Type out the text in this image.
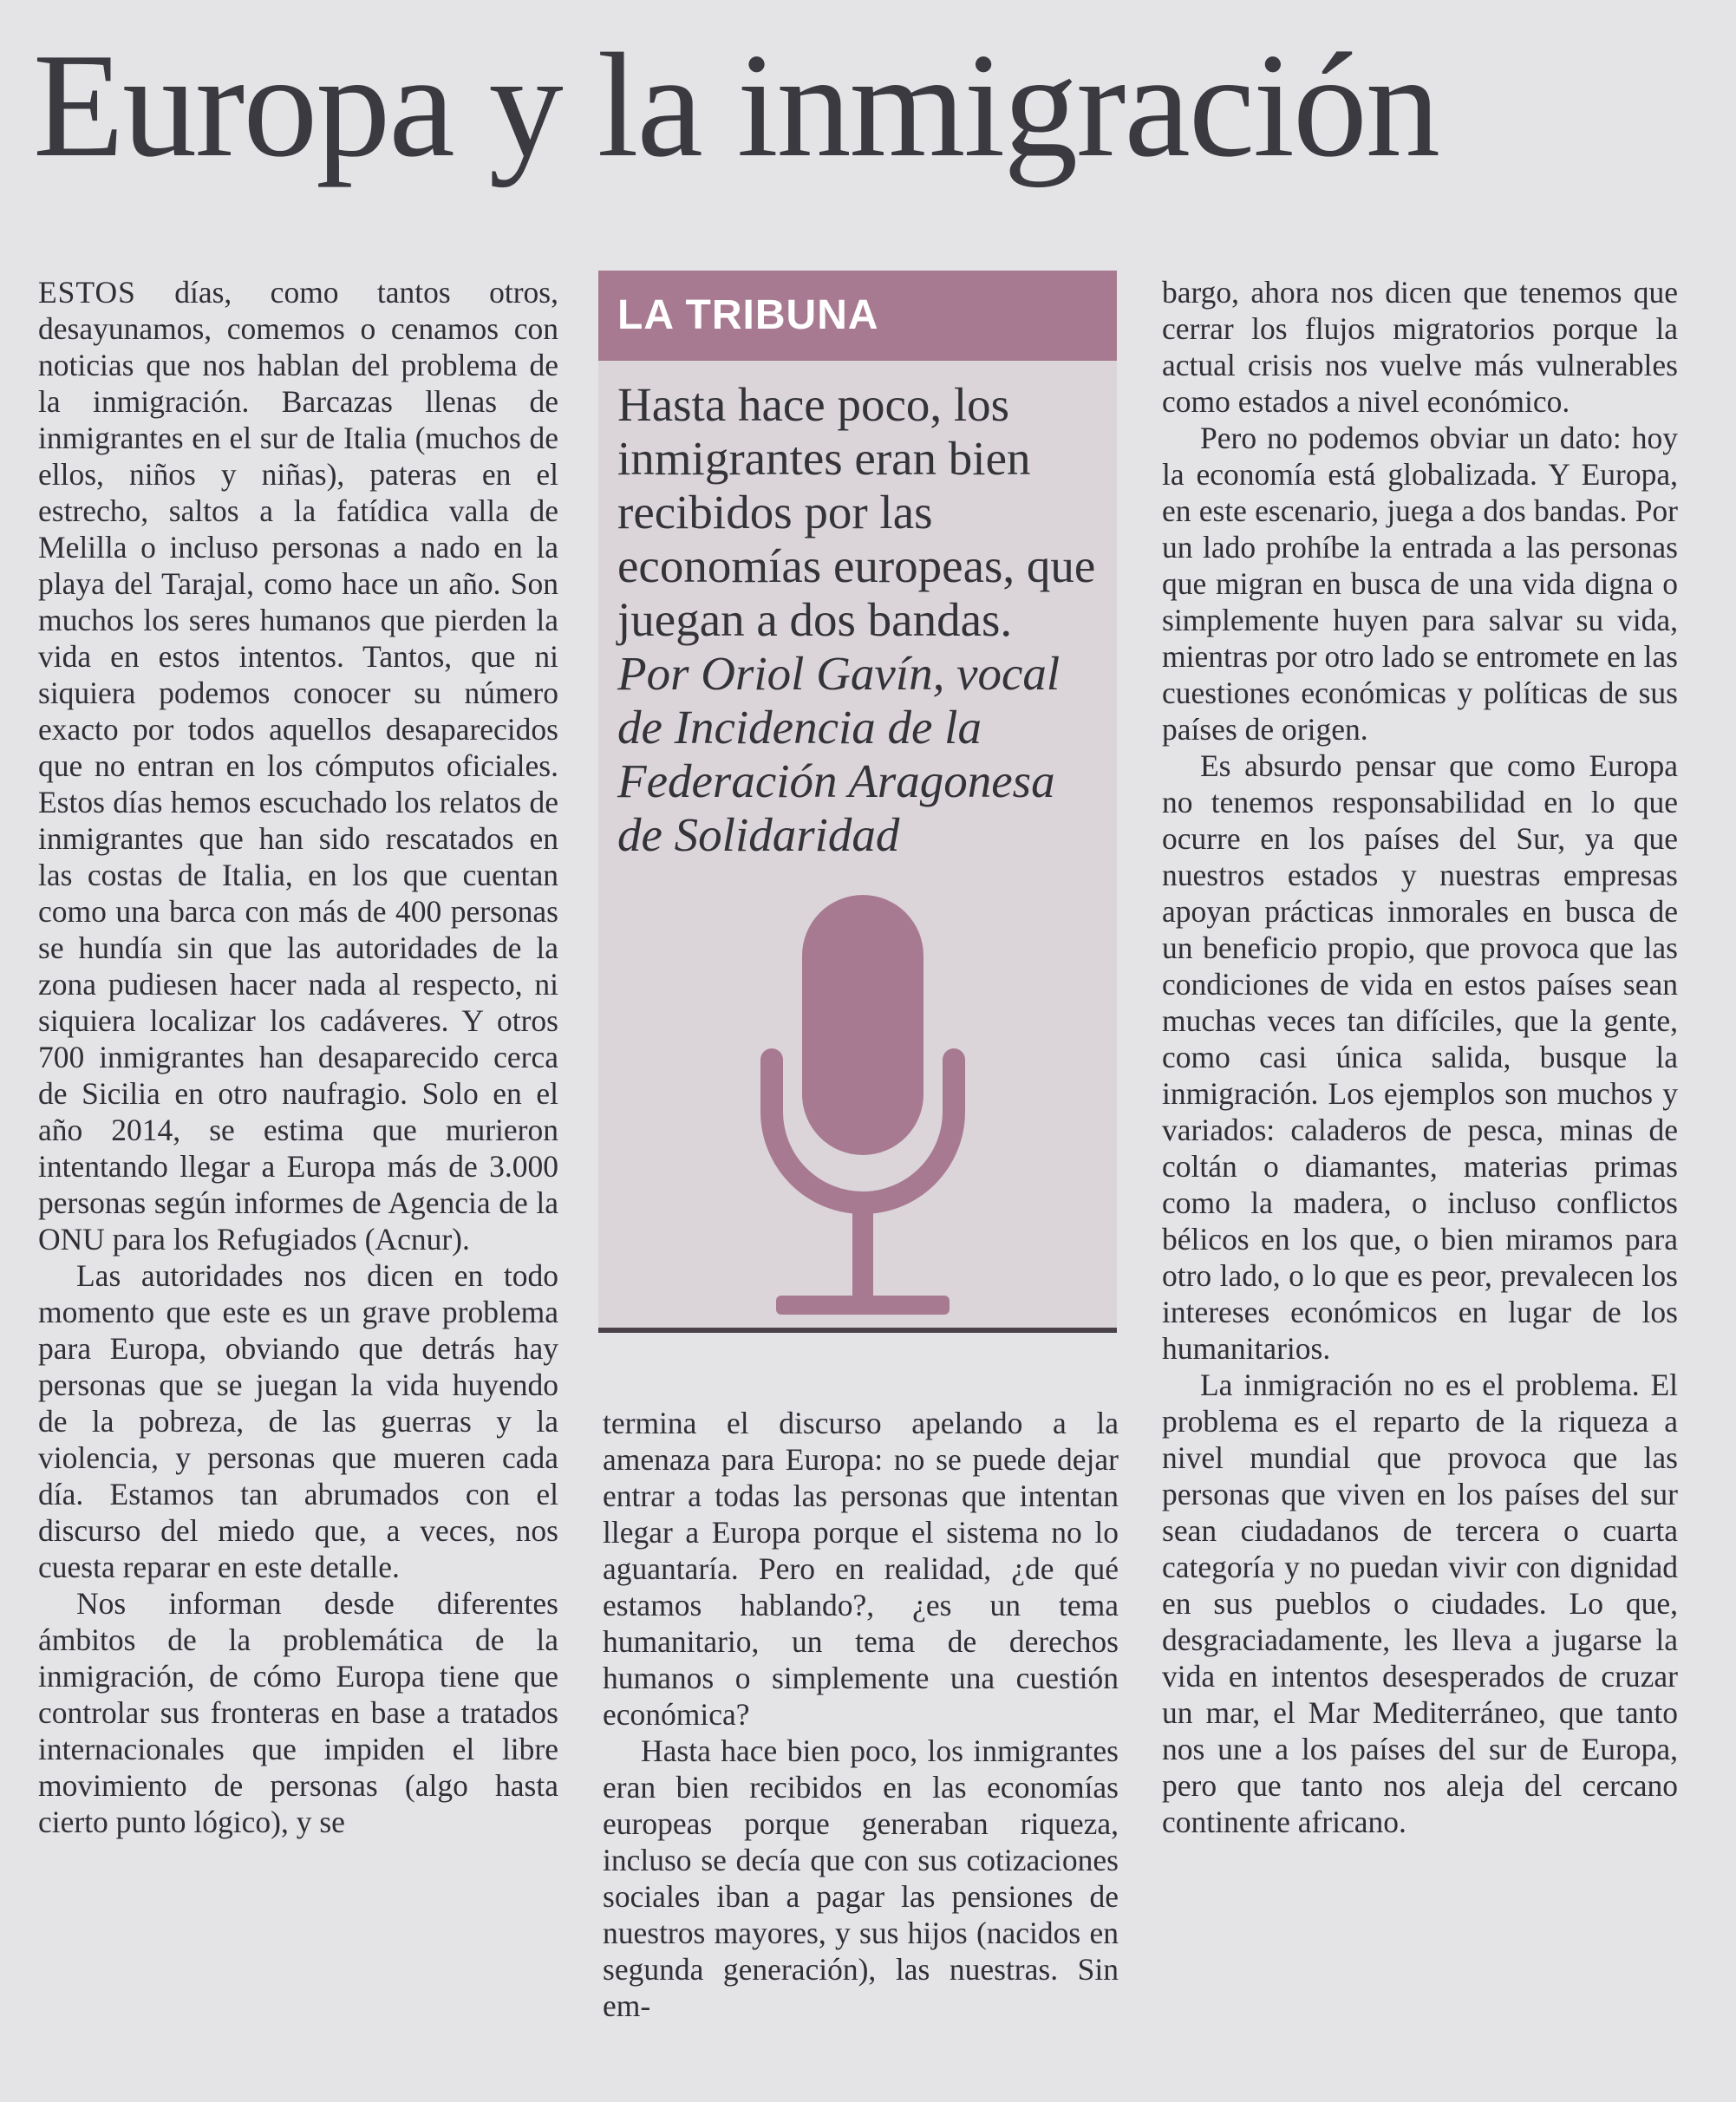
Europa y la inmigración

ESTOS días, como tantos otros, desayunamos, comemos o cenamos con noticias que nos hablan del problema de la inmigración. Barcazas llenas de inmigrantes en el sur de Italia (muchos de ellos, niños y niñas), pateras en el estrecho, saltos a la fatídica valla de Melilla o incluso personas a nado en la playa del Tarajal, como hace un año. Son muchos los seres humanos que pierden la vida en estos intentos. Tantos, que ni siquiera podemos conocer su número exacto por todos aquellos desaparecidos que no entran en los cómputos oficiales. Estos días hemos escuchado los relatos de inmigrantes que han sido rescatados en las costas de Italia, en los que cuentan como una barca con más de 400 personas se hundía sin que las autoridades de la zona pudiesen hacer nada al respecto, ni siquiera localizar los cadáveres. Y otros 700 inmigrantes han desaparecido cerca de Sicilia en otro naufragio. Solo en el año 2014, se estima que murieron intentando llegar a Europa más de 3.000 personas según informes de Agencia de la ONU para los Refugiados (Acnur).

Las autoridades nos dicen en todo momento que este es un grave problema para Europa, obviando que detrás hay personas que se juegan la vida huyendo de la pobreza, de las guerras y la violencia, y personas que mueren cada día. Estamos tan abrumados con el discurso del miedo que, a veces, nos cuesta reparar en este detalle.

Nos informan desde diferentes ámbitos de la problemática de la inmigración, de cómo Europa tiene que controlar sus fronteras en base a tratados internacionales que impiden el libre movimiento de personas (algo hasta cierto punto lógico), y se

LA TRIBUNA
Hasta hace poco, los inmigrantes eran bien recibidos por las economías europeas, que juegan a dos bandas.
Por Oriol Gavín, vocal de Incidencia de la Federación Aragonesa de Solidaridad

termina el discurso apelando a la amenaza para Europa: no se puede dejar entrar a todas las personas que intentan llegar a Europa porque el sistema no lo aguantaría. Pero en realidad, ¿de qué estamos hablando?, ¿es un tema humanitario, un tema de derechos humanos o simplemente una cuestión económica?

Hasta hace bien poco, los inmigrantes eran bien recibidos en las economías europeas porque generaban riqueza, incluso se decía que con sus cotizaciones sociales iban a pagar las pensiones de nuestros mayores, y sus hijos (nacidos en segunda generación), las nuestras. Sin em-

bargo, ahora nos dicen que tenemos que cerrar los flujos migratorios porque la actual crisis nos vuelve más vulnerables como estados a nivel económico.

Pero no podemos obviar un dato: hoy la economía está globalizada. Y Europa, en este escenario, juega a dos bandas. Por un lado prohíbe la entrada a las personas que migran en busca de una vida digna o simplemente huyen para salvar su vida, mientras por otro lado se entromete en las cuestiones económicas y políticas de sus países de origen.

Es absurdo pensar que como Europa no tenemos responsabilidad en lo que ocurre en los países del Sur, ya que nuestros estados y nuestras empresas apoyan prácticas inmorales en busca de un beneficio propio, que provoca que las condiciones de vida en estos países sean muchas veces tan difíciles, que la gente, como casi única salida, busque la inmigración. Los ejemplos son muchos y variados: caladeros de pesca, minas de coltán o diamantes, materias primas como la madera, o incluso conflictos bélicos en los que, o bien miramos para otro lado, o lo que es peor, prevalecen los intereses económicos en lugar de los humanitarios.

La inmigración no es el problema. El problema es el reparto de la riqueza a nivel mundial que provoca que las personas que viven en los países del sur sean ciudadanos de tercera o cuarta categoría y no puedan vivir con dignidad en sus pueblos o ciudades. Lo que, desgraciadamente, les lleva a jugarse la vida en intentos desesperados de cruzar un mar, el Mar Mediterráneo, que tanto nos une a los países del sur de Europa, pero que tanto nos aleja del cercano continente africano.
